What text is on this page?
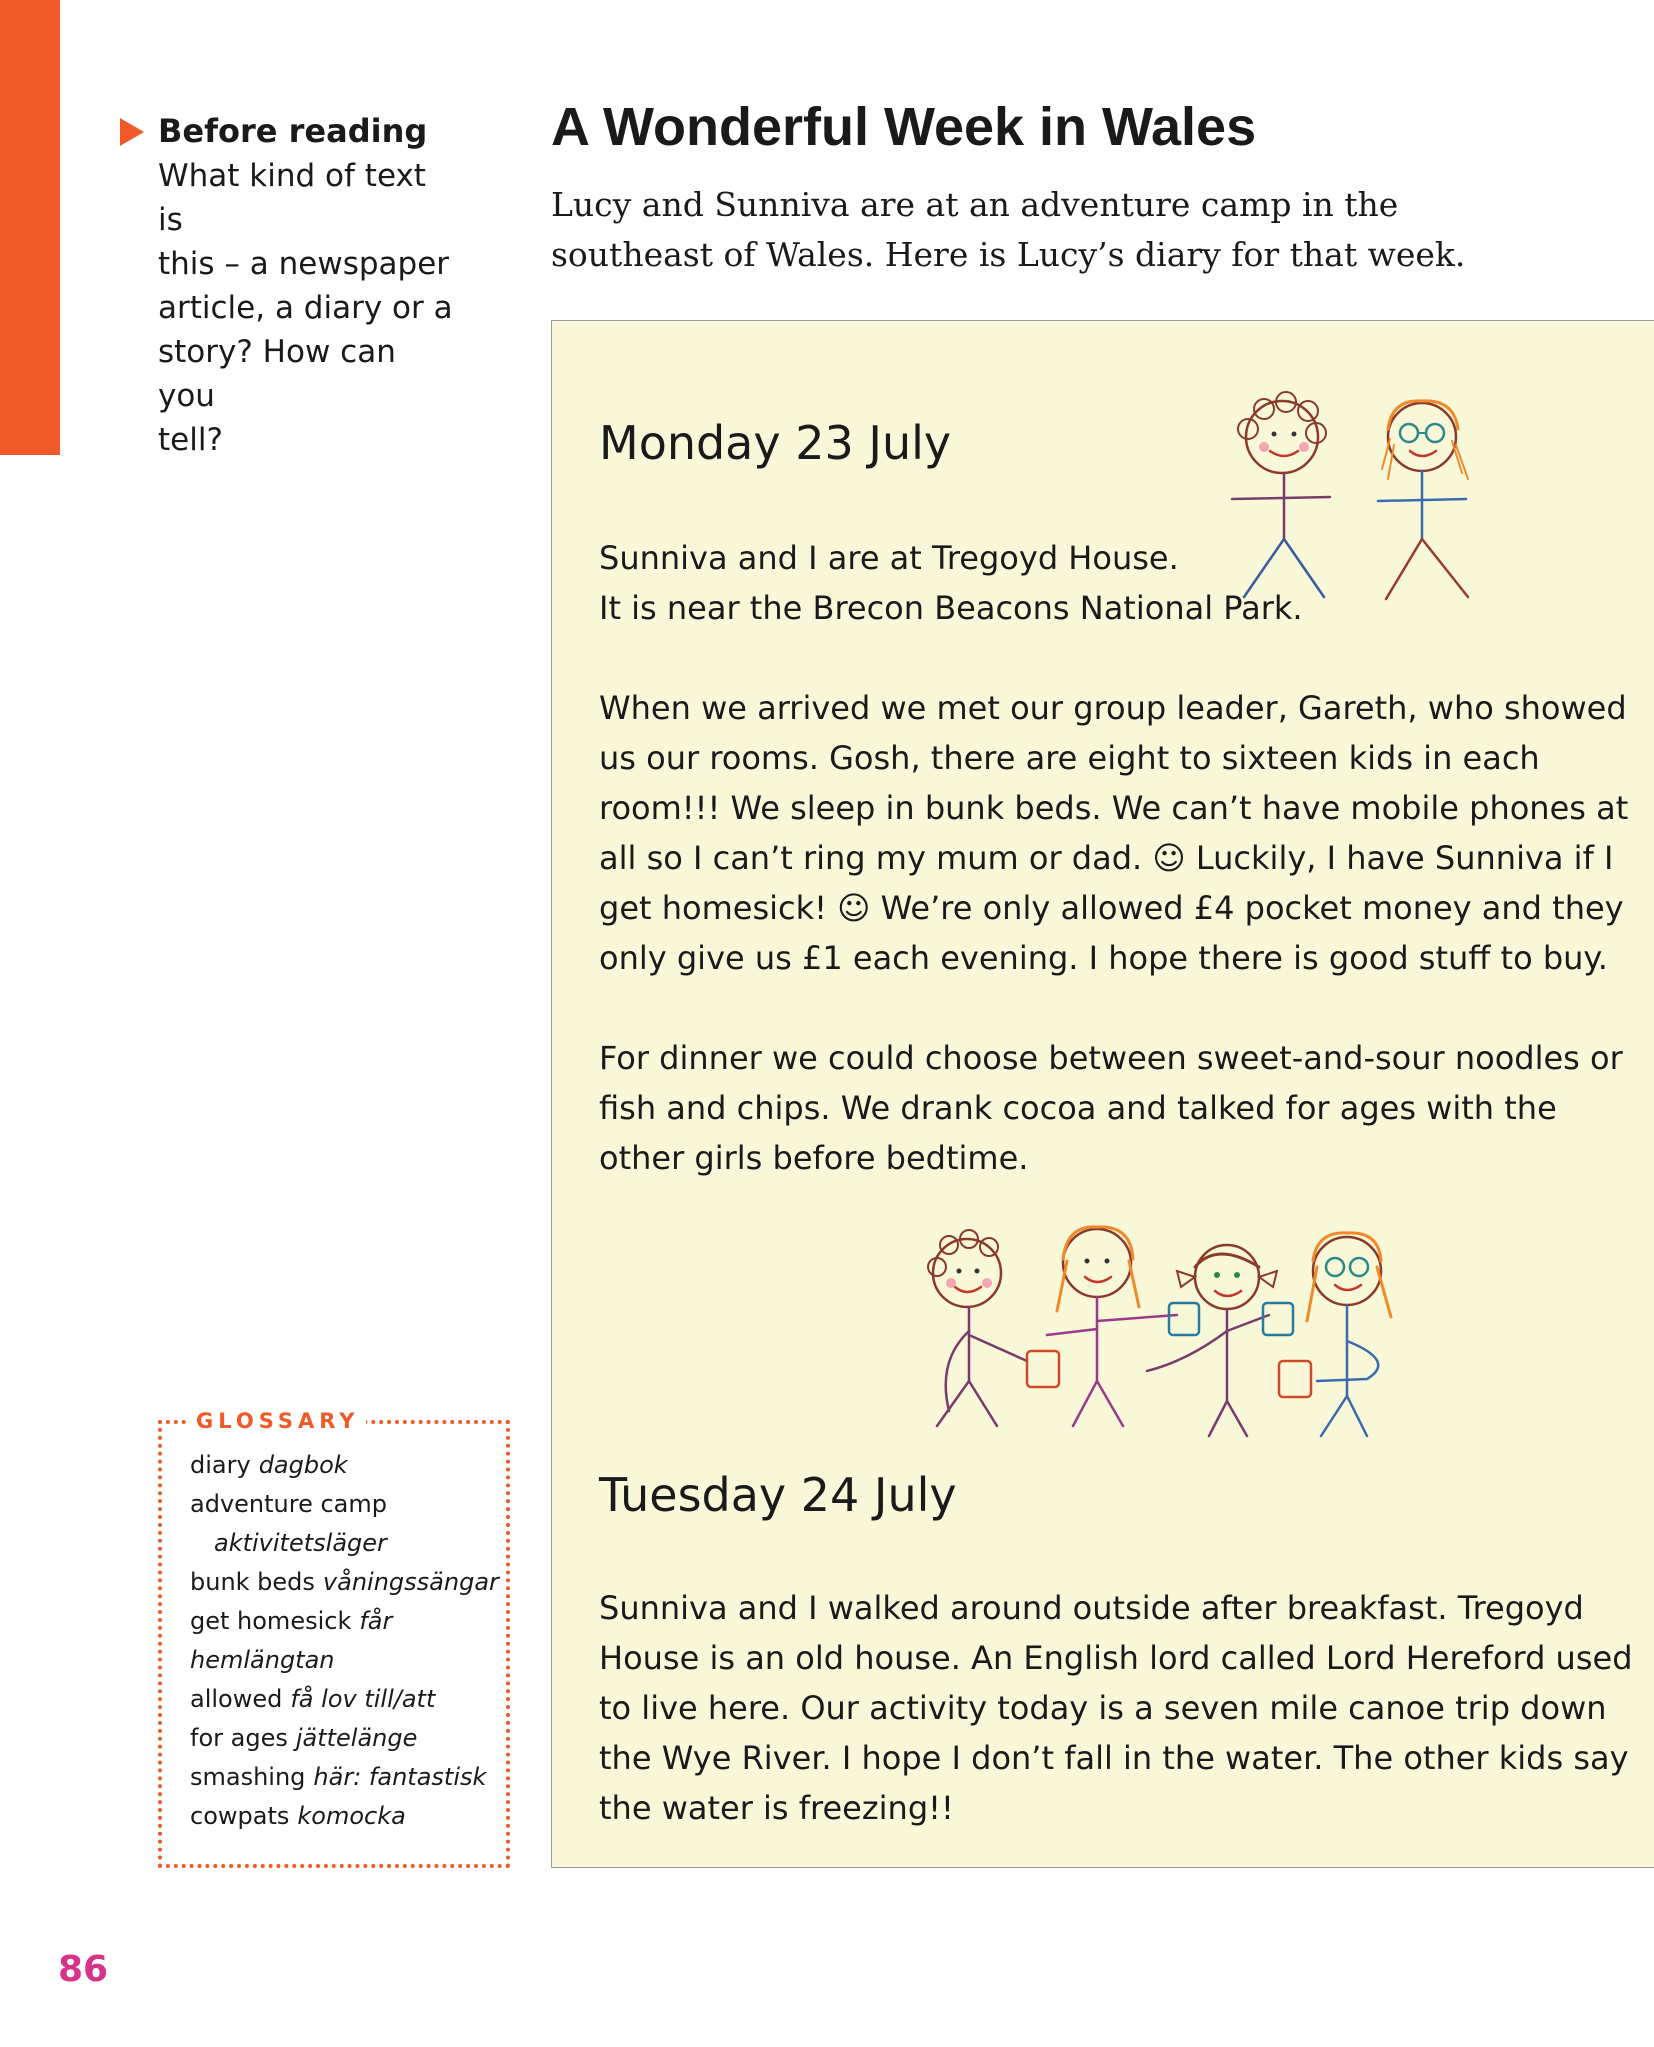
Before reading
What kind of text is
this – a newspaper
article, a diary or a
story? How can you
tell?
A Wonderful Week in Wales

Lucy and Sunniva are at an adventure camp in the
southeast of Wales. Here is Lucy’s diary for that week.

Monday 23 July
Sunniva and I are at Tregoyd House.
It is near the Brecon Beacons National Park.
When we arrived we met our group leader, Gareth, who showed
us our rooms. Gosh, there are eight to sixteen kids in each
room!!! We sleep in bunk beds. We can’t have mobile phones at
all so I can’t ring my mum or dad. ☺ Luckily, I have Sunniva if I
get homesick! ☺ We’re only allowed £4 pocket money and they
only give us £1 each evening. I hope there is good stuff to buy.
For dinner we could choose between sweet-and-sour noodles or
fish and chips. We drank cocoa and talked for ages with the
other girls before bedtime.
Tuesday 24 July
Sunniva and I walked around outside after breakfast. Tregoyd
House is an old house. An English lord called Lord Hereford used
to live here. Our activity today is a seven mile canoe trip down
the Wye River. I hope I don’t fall in the water. The other kids say
the water is freezing!!
GLOSSARY
diary dagbok
adventure camp
aktivitetsläger
bunk beds våningssängar
get homesick får hemlängtan
allowed få lov till/att
for ages jättelänge
smashing här: fantastisk
cowpats komocka
86
